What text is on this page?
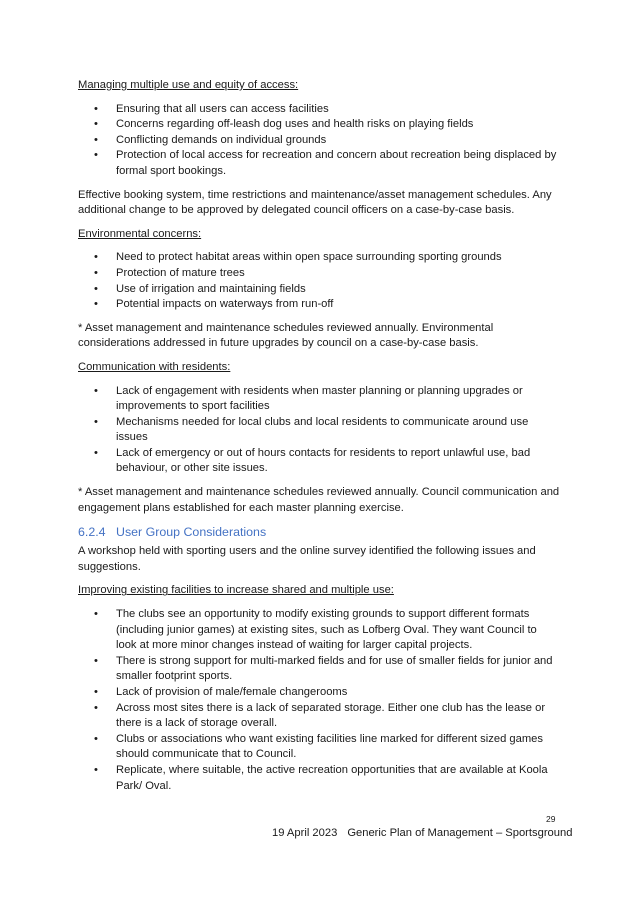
Managing multiple use and equity of access:
• Ensuring that all users can access facilities
• Concerns regarding off-leash dog uses and health risks on playing fields
• Conflicting demands on individual grounds
• Protection of local access for recreation and concern about recreation being displaced by formal sport bookings.

Effective booking system, time restrictions and maintenance/asset management schedules. Any additional change to be approved by delegated council officers on a case-by-case basis.

Environmental concerns:
• Need to protect habitat areas within open space surrounding sporting grounds
• Protection of mature trees
• Use of irrigation and maintaining fields
• Potential impacts on waterways from run-off

* Asset management and maintenance schedules reviewed annually. Environmental considerations addressed in future upgrades by council on a case-by-case basis.

Communication with residents:
• Lack of engagement with residents when master planning or planning upgrades or improvements to sport facilities
• Mechanisms needed for local clubs and local residents to communicate around use issues
• Lack of emergency or out of hours contacts for residents to report unlawful use, bad behaviour, or other site issues.

* Asset management and maintenance schedules reviewed annually. Council communication and engagement plans established for each master planning exercise.

6.2.4 User Group Considerations

A workshop held with sporting users and the online survey identified the following issues and suggestions.

Improving existing facilities to increase shared and multiple use:
• The clubs see an opportunity to modify existing grounds to support different formats (including junior games) at existing sites, such as Lofberg Oval. They want Council to look at more minor changes instead of waiting for larger capital projects.
• There is strong support for multi-marked fields and for use of smaller fields for junior and smaller footprint sports.
• Lack of provision of male/female changerooms
• Across most sites there is a lack of separated storage. Either one club has the lease or there is a lack of storage overall.
• Clubs or associations who want existing facilities line marked for different sized games should communicate that to Council.
• Replicate, where suitable, the active recreation opportunities that are available at Koola Park/ Oval.
29
19 April 2023 Generic Plan of Management – Sportsground
